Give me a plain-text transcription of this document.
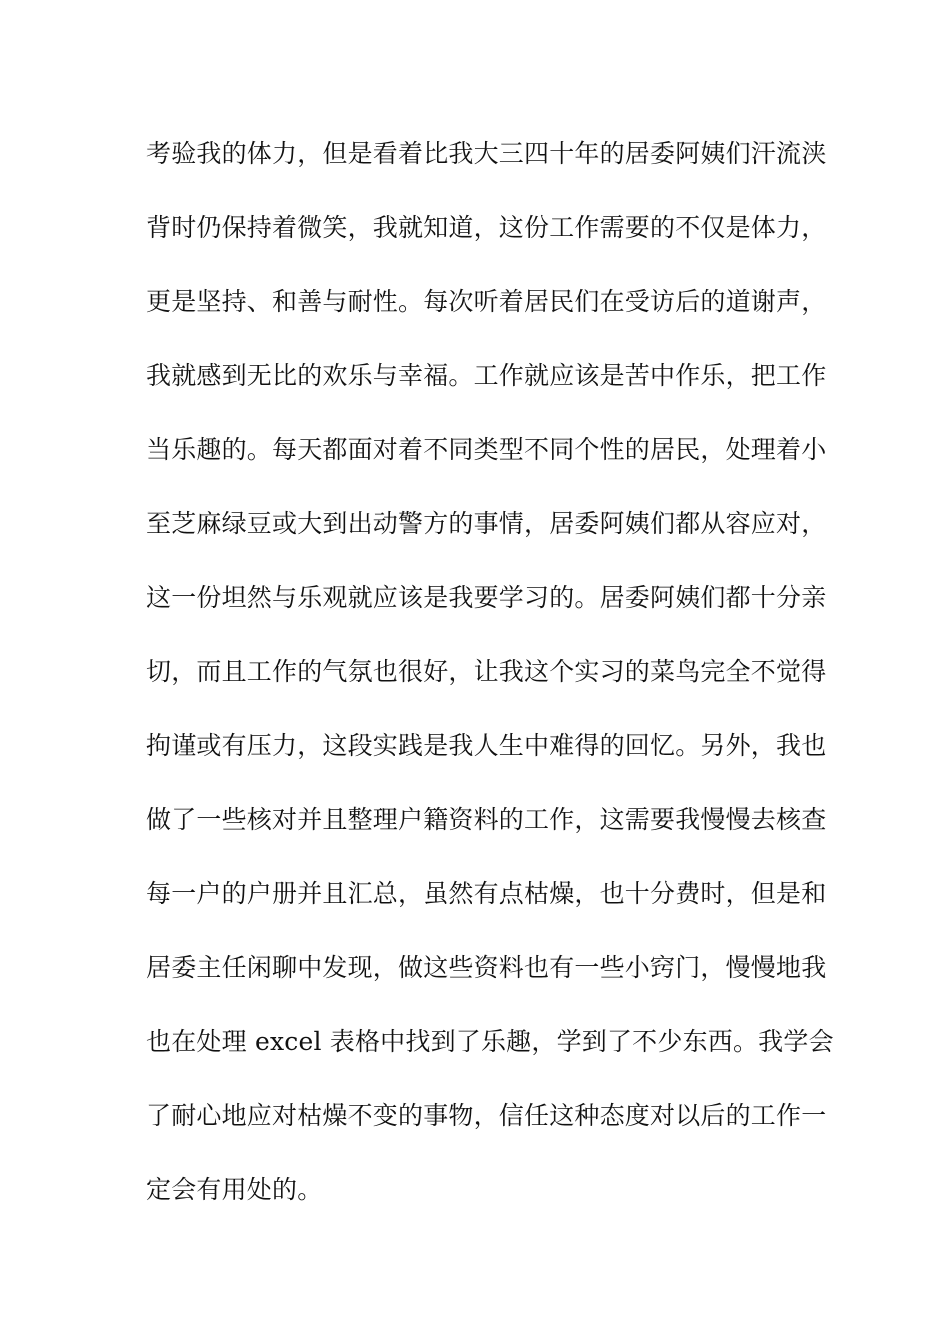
考验我的体力，但是看着比我大三四十年的居委阿姨们汗流浃
背时仍保持着微笑，我就知道，这份工作需要的不仅是体力，
更是坚持、和善与耐性。每次听着居民们在受访后的道谢声，
我就感到无比的欢乐与幸福。工作就应该是苦中作乐，把工作
当乐趣的。每天都面对着不同类型不同个性的居民，处理着小
至芝麻绿豆或大到出动警方的事情，居委阿姨们都从容应对，
这一份坦然与乐观就应该是我要学习的。居委阿姨们都十分亲
切，而且工作的气氛也很好，让我这个实习的菜鸟完全不觉得
拘谨或有压力，这段实践是我人生中难得的回忆。另外，我也
做了一些核对并且整理户籍资料的工作，这需要我慢慢去核查
每一户的户册并且汇总，虽然有点枯燥，也十分费时，但是和
居委主任闲聊中发现，做这些资料也有一些小窍门，慢慢地我
也在处理 excel 表格中找到了乐趣，学到了不少东西。我学会
了耐心地应对枯燥不变的事物，信任这种态度对以后的工作一
定会有用处的。
